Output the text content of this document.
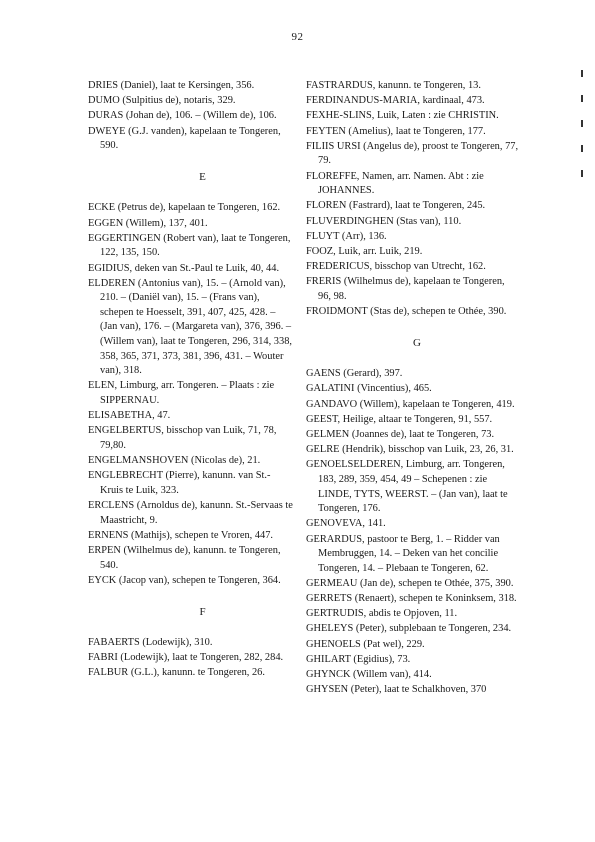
92
DRIES (Daniel), laat te Kersingen, 356.
DUMO (Sulpitius de), notaris, 329.
DURAS (Johan de), 106. – (Willem de), 106.
DWEYE (G.J. vanden), kapelaan te Tongeren, 590.
E
ECKE (Petrus de), kapelaan te Tongeren, 162.
EGGEN (Willem), 137, 401.
EGGERTINGEN (Robert van), laat te Tongeren, 122, 135, 150.
EGIDIUS, deken van St.-Paul te Luik, 40, 44.
ELDEREN (Antonius van), 15. – (Arnold van), 210. – (Daniël van), 15. – (Frans van), schepen te Hoesselt, 391, 407, 425, 428. – (Jan van), 176. – (Margareta van), 376, 396. – (Willem van), laat te Tongeren, 296, 314, 338, 358, 365, 371, 373, 381, 396, 431. – Wouter van), 318.
ELEN, Limburg, arr. Tongeren. – Plaats : zie SIPPERNAU.
ELISABETHA, 47.
ENGELBERTUS, bisschop van Luik, 71, 78, 79,80.
ENGELMANSHOVEN (Nicolas de), 21.
ENGLEBRECHT (Pierre), kanunn. van St.-Kruis te Luik, 323.
ERCLENS (Arnoldus de), kanunn. St.-Servaas te Maastricht, 9.
ERNENS (Mathijs), schepen te Vroren, 447.
ERPEN (Wilhelmus de), kanunn. te Tongeren, 540.
EYCK (Jacop van), schepen te Tongeren, 364.
F
FABAERTS (Lodewijk), 310.
FABRI (Lodewijk), laat te Tongeren, 282, 284.
FALBUR (G.L.), kanunn. te Tongeren, 26.
FASTRARDUS, kanunn. te Tongeren, 13.
FERDINANDUS-MARIA, kardinaal, 473.
FEXHE-SLINS, Luik, Laten : zie CHRISTIN.
FEYTEN (Amelius), laat te Tongeren, 177.
FILIIS URSI (Angelus de), proost te Tongeren, 77, 79.
FLOREFFE, Namen, arr. Namen. Abt : zie JOHANNES.
FLOREN (Fastrard), laat te Tongeren, 245.
FLUVERDINGHEN (Stas van), 110.
FLUYT (Arr), 136.
FOOZ, Luik, arr. Luik, 219.
FREDERICUS, bisschop van Utrecht, 162.
FRERIS (Wilhelmus de), kapelaan te Tongeren, 96, 98.
FROIDMONT (Stas de), schepen te Othée, 390.
G
GAENS (Gerard), 397.
GALATINI (Vincentius), 465.
GANDAVO (Willem), kapelaan te Tongeren, 419.
GEEST, Heilige, altaar te Tongeren, 91, 557.
GELMEN (Joannes de), laat te Tongeren, 73.
GELRE (Hendrik), bisschop van Luik, 23, 26, 31.
GENOELSELDEREN, Limburg, arr. Tongeren, 183, 289, 359, 454, 49 – Schepenen : zie LINDE, TYTS, WEERST. – (Jan van), laat te Tongeren, 176.
GENOVEVA, 141.
GERARDUS, pastoor te Berg, 1. – Ridder van Membruggen, 14. – Deken van het concilie Tongeren, 14. – Plebaan te Tongeren, 62.
GERMEAU (Jan de), schepen te Othée, 375, 390.
GERRETS (Renaert), schepen te Koninksem, 318.
GERTRUDIS, abdis te Opjoven, 11.
GHELEYS (Peter), subplebaan te Tongeren, 234.
GHENOELS (Pat wel), 229.
GHILART (Egidius), 73.
GHYNCK (Willem van), 414.
GHYSEN (Peter), laat te Schalkhoven, 370
